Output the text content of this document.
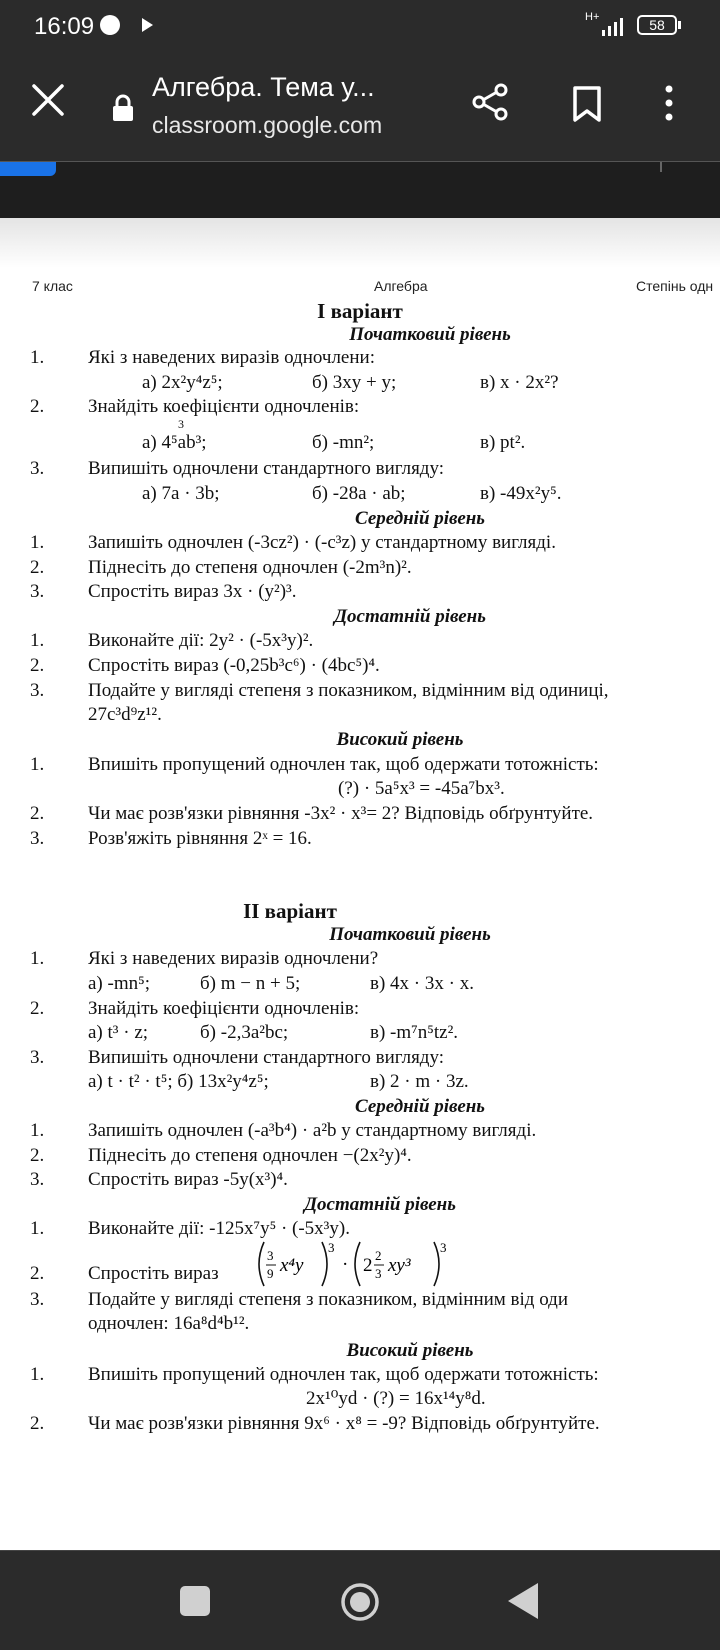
16:09	H+	58
Алгебра. Тема у...
classroom.google.com
7 клас	Алгебра	Степінь одн
І варіант
Початковий рівень
1. Які з наведених виразів одночлени:
а) 2x²y⁴z⁵;	б) 3xy + y;	в) x · 2x²?
2. Знайдіть коефіцієнти одночленів:
3
а) 4⁵ab³;	б) -mn²;	в) pt².
3. Випишіть одночлени стандартного вигляду:
а) 7a · 3b;	б) -28a · ab;	в) -49x²y⁵.
Середній рівень
1. Запишіть одночлен (-3cz²) · (-c³z) у стандартному вигляді.
2. Піднесіть до степеня одночлен (-2m³n)².
3. Спростіть вираз 3x · (y²)³.
Достатній рівень
1. Виконайте дії: 2y² · (-5x³y)².
2. Спростіть вираз (-0,25b³c⁶) · (4bc⁵)⁴.
3. Подайте у вигляді степеня з показником, відмінним від одиниці,
27c³d⁹z¹².
Високий рівень
1. Впишіть пропущений одночлен так, щоб одержати тотожність:
(?) · 5a⁵x³ = -45a⁷bx³.
2. Чи має розв'язки рівняння -3x² · x³= 2? Відповідь обґрунтуйте.
3. Розв'яжіть рівняння 2ˣ = 16.
ІІ варіант
Початковий рівень
1. Які з наведених виразів одночлени?
а) -mn⁵;	б) m − n + 5;	в) 4x · 3x · x.
2. Знайдіть коефіцієнти одночленів:
а) t³ · z;	б) -2,3a²bc;	в) -m⁷n⁵tz².
3. Випишіть одночлени стандартного вигляду:
а) t · t² · t⁵; б) 13x²y⁴z⁵;	в) 2 · m · 3z.
Середній рівень
1. Запишіть одночлен (-a³b⁴) · a²b у стандартному вигляді.
2. Піднесіть до степеня одночлен −(2x²y)⁴.
3. Спростіть вираз -5y(x³)⁴.
Достатній рівень
1. Виконайте дії: -125x⁷y⁵ · (-5x³y).
2. Спростіть вираз
3
9 x⁴y
3
· 2 2
3 xy³
3
3. Подайте у вигляді степеня з показником, відмінним від оди
одночлен: 16a⁸d⁴b¹².
Високий рівень
1. Впишіть пропущений одночлен так, щоб одержати тотожність:
2x¹⁰yd · (?) = 16x¹⁴y⁸d.
2. Чи має розв'язки рівняння 9x⁶ · x⁸ = -9? Відповідь обґрунтуйте.
